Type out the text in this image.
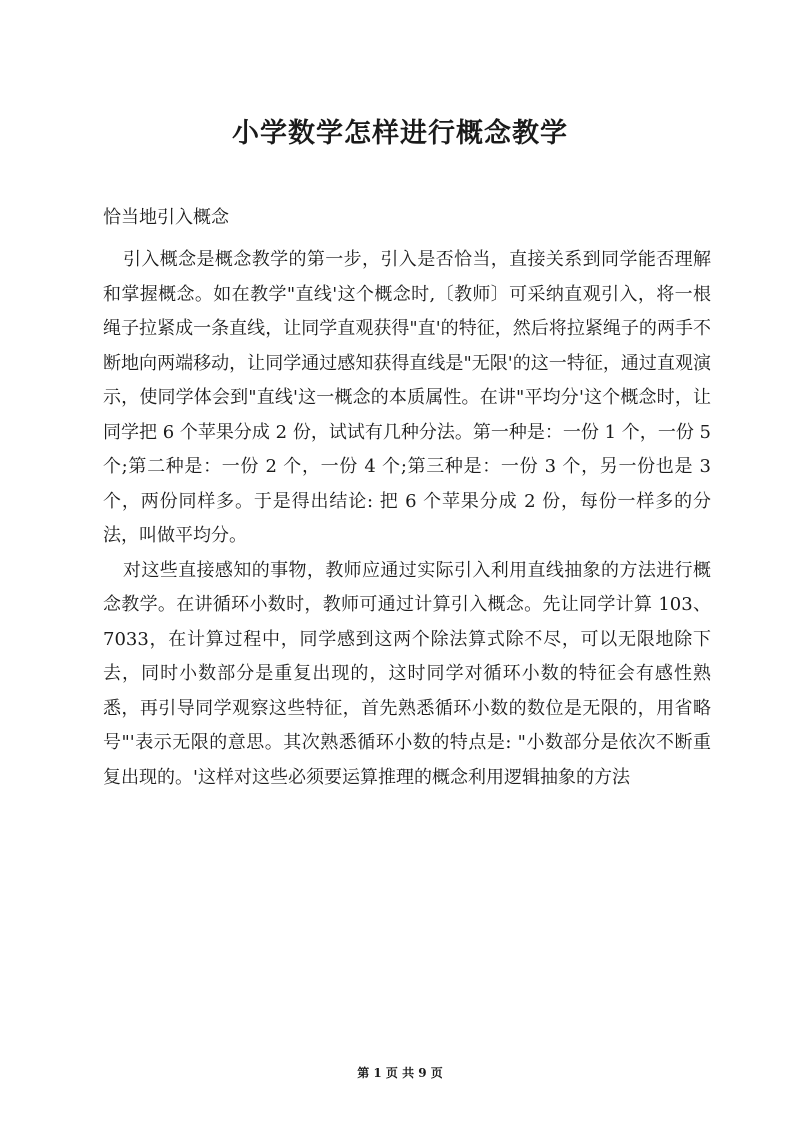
小学数学怎样进行概念教学
恰当地引入概念

引入概念是概念教学的第一步，引入是否恰当，直接关系到同学能否理解和掌握概念。如在教学"直线'这个概念时,〔教师〕可采纳直观引入，将一根绳子拉紧成一条直线，让同学直观获得"直'的特征，然后将拉紧绳子的两手不断地向两端移动，让同学通过感知获得直线是"无限'的这一特征，通过直观演示，使同学体会到"直线'这一概念的本质属性。在讲"平均分'这个概念时，让同学把 6 个苹果分成 2 份，试试有几种分法。第一种是：一份 1 个，一份 5 个;第二种是：一份 2 个，一份 4 个;第三种是：一份 3 个，另一份也是 3 个，两份同样多。于是得出结论: 把 6 个苹果分成 2 份，每份一样多的分法，叫做平均分。

对这些直接感知的事物，教师应通过实际引入利用直线抽象的方法进行概念教学。在讲循环小数时，教师可通过计算引入概念。先让同学计算 103、7033，在计算过程中，同学感到这两个除法算式除不尽，可以无限地除下去，同时小数部分是重复出现的，这时同学对循环小数的特征会有感性熟悉，再引导同学观察这些特征，首先熟悉循环小数的数位是无限的，用省略号"'表示无限的意思。其次熟悉循环小数的特点是: "小数部分是依次不断重复出现的。'这样对这些必须要运算推理的概念利用逻辑抽象的方法

第 1 页 共 9 页
